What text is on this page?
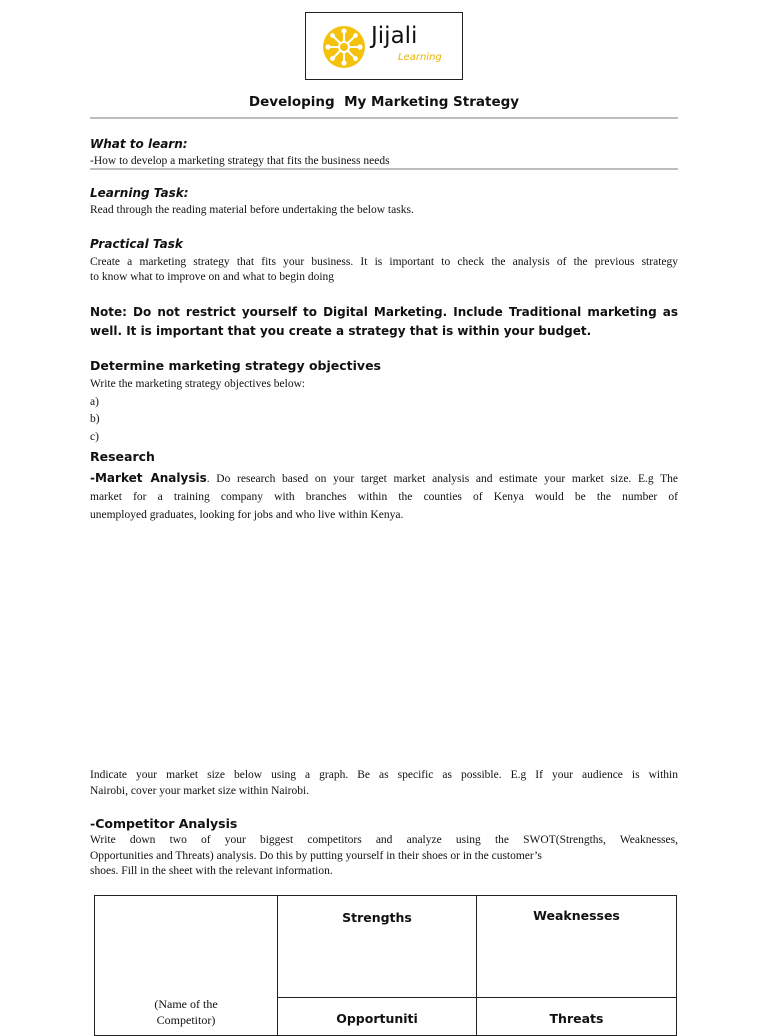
Jijali
Learning
Developing  My Marketing Strategy
What to learn:
-How to develop a marketing strategy that fits the business needs
Learning Task:
Read through the reading material before undertaking the below tasks.
Practical Task
Create a marketing strategy that fits your business. It is important to check the analysis of the previous strategy
to know what to improve on and what to begin doing
Note: Do not restrict yourself to Digital Marketing. Include Traditional marketing as well. It is important that you create a strategy that is within your budget.
Determine marketing strategy objectives
Write the marketing strategy objectives below:
a)
b)
c)
Research
-Market Analysis. Do research based on your target market analysis and estimate your market size. E.g The
market for a training company with branches within the counties of Kenya would be the number of
unemployed graduates, looking for jobs and who live within Kenya.
Indicate your market size below using a graph. Be as specific as possible. E.g If your audience is within
Nairobi, cover your market size within Nairobi.
-Competitor Analysis
Write down two of your biggest competitors and analyze using the SWOT(Strengths, Weaknesses,
Opportunities and Threats) analysis. Do this by putting yourself in their shoes or in the customer’s
shoes. Fill in the sheet with the relevant information.
(Name of the
Competitor)
Strengths	Weaknesses
Opportuniti	Threats
